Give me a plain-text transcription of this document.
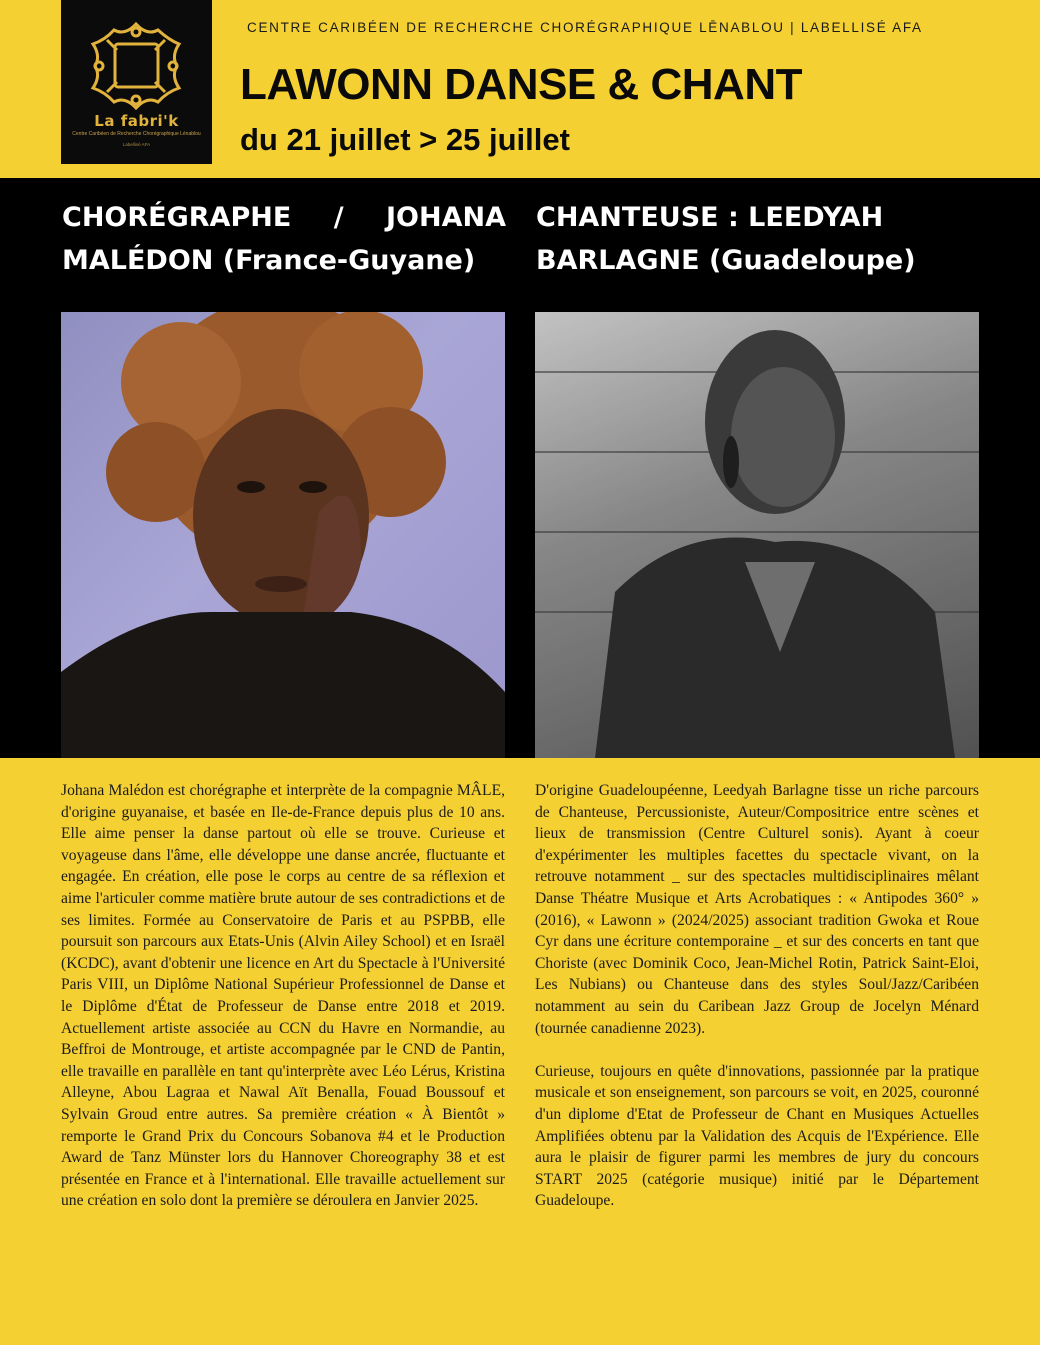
La fabri'k
Centre Caribéen de Recherche Chorégraphique Lénablou
Labellisé AFA
CENTRE CARIBÉEN DE RECHERCHE CHORÉGRAPHIQUE LĒNABLOU | LABELLISÉ AFA
LAWONN DANSE & CHANT
du 21 juillet > 25 juillet
CHORÉGRAPHE / JOHANA MALÉDON (France-Guyane)
CHANTEUSE : LEEDYAH BARLAGNE (Guadeloupe)

Johana Malédon est chorégraphe et interprète de la compagnie MÂLE, d'origine guyanaise, et basée en Ile-de-France depuis plus de 10 ans. Elle aime penser la danse partout où elle se trouve. Curieuse et voyageuse dans l'âme, elle développe une danse ancrée, fluctuante et engagée. En création, elle pose le corps au centre de sa réflexion et aime l'articuler comme matière brute autour de ses contradictions et de ses limites. Formée au Conservatoire de Paris et au PSPBB, elle poursuit son parcours aux Etats-Unis (Alvin Ailey School) et en Israël (KCDC), avant d'obtenir une licence en Art du Spectacle à l'Université Paris VIII, un Diplôme National Supérieur Professionnel de Danse et le Diplôme d'État de Professeur de Danse entre 2018 et 2019. Actuellement artiste associée au CCN du Havre en Normandie, au Beffroi de Montrouge, et artiste accompagnée par le CND de Pantin, elle travaille en parallèle en tant qu'interprète avec Léo Lérus, Kristina Alleyne, Abou Lagraa et Nawal Aït Benalla, Fouad Boussouf et Sylvain Groud entre autres. Sa première création « À Bientôt » remporte le Grand Prix du Concours Sobanova #4 et le Production Award de Tanz Münster lors du Hannover Choreography 38 et est présentée en France et à l'international. Elle travaille actuellement sur une création en solo dont la première se déroulera en Janvier 2025.

D'origine Guadeloupéenne, Leedyah Barlagne tisse un riche parcours de Chanteuse, Percussioniste, Auteur/Compositrice entre scènes et lieux de transmission (Centre Culturel sonis). Ayant à coeur d'expérimenter les multiples facettes du spectacle vivant, on la retrouve notamment _ sur des spectacles multidisciplinaires mêlant Danse Théatre Musique et Arts Acrobatiques : « Antipodes 360° » (2016), « Lawonn » (2024/2025) associant tradition Gwoka et Roue Cyr dans une écriture contemporaine _ et sur des concerts en tant que Choriste (avec Dominik Coco, Jean-Michel Rotin, Patrick Saint-Eloi, Les Nubians) ou Chanteuse dans des styles Soul/Jazz/Caribéen notamment au sein du Caribean Jazz Group de Jocelyn Ménard (tournée canadienne 2023).

Curieuse, toujours en quête d'innovations, passionnée par la pratique musicale et son enseignement, son parcours se voit, en 2025, couronné d'un diplome d'Etat de Professeur de Chant en Musiques Actuelles Amplifiées obtenu par la Validation des Acquis de l'Expérience. Elle aura le plaisir de figurer parmi les membres de jury du concours START 2025 (catégorie musique) initié par le Département Guadeloupe.
